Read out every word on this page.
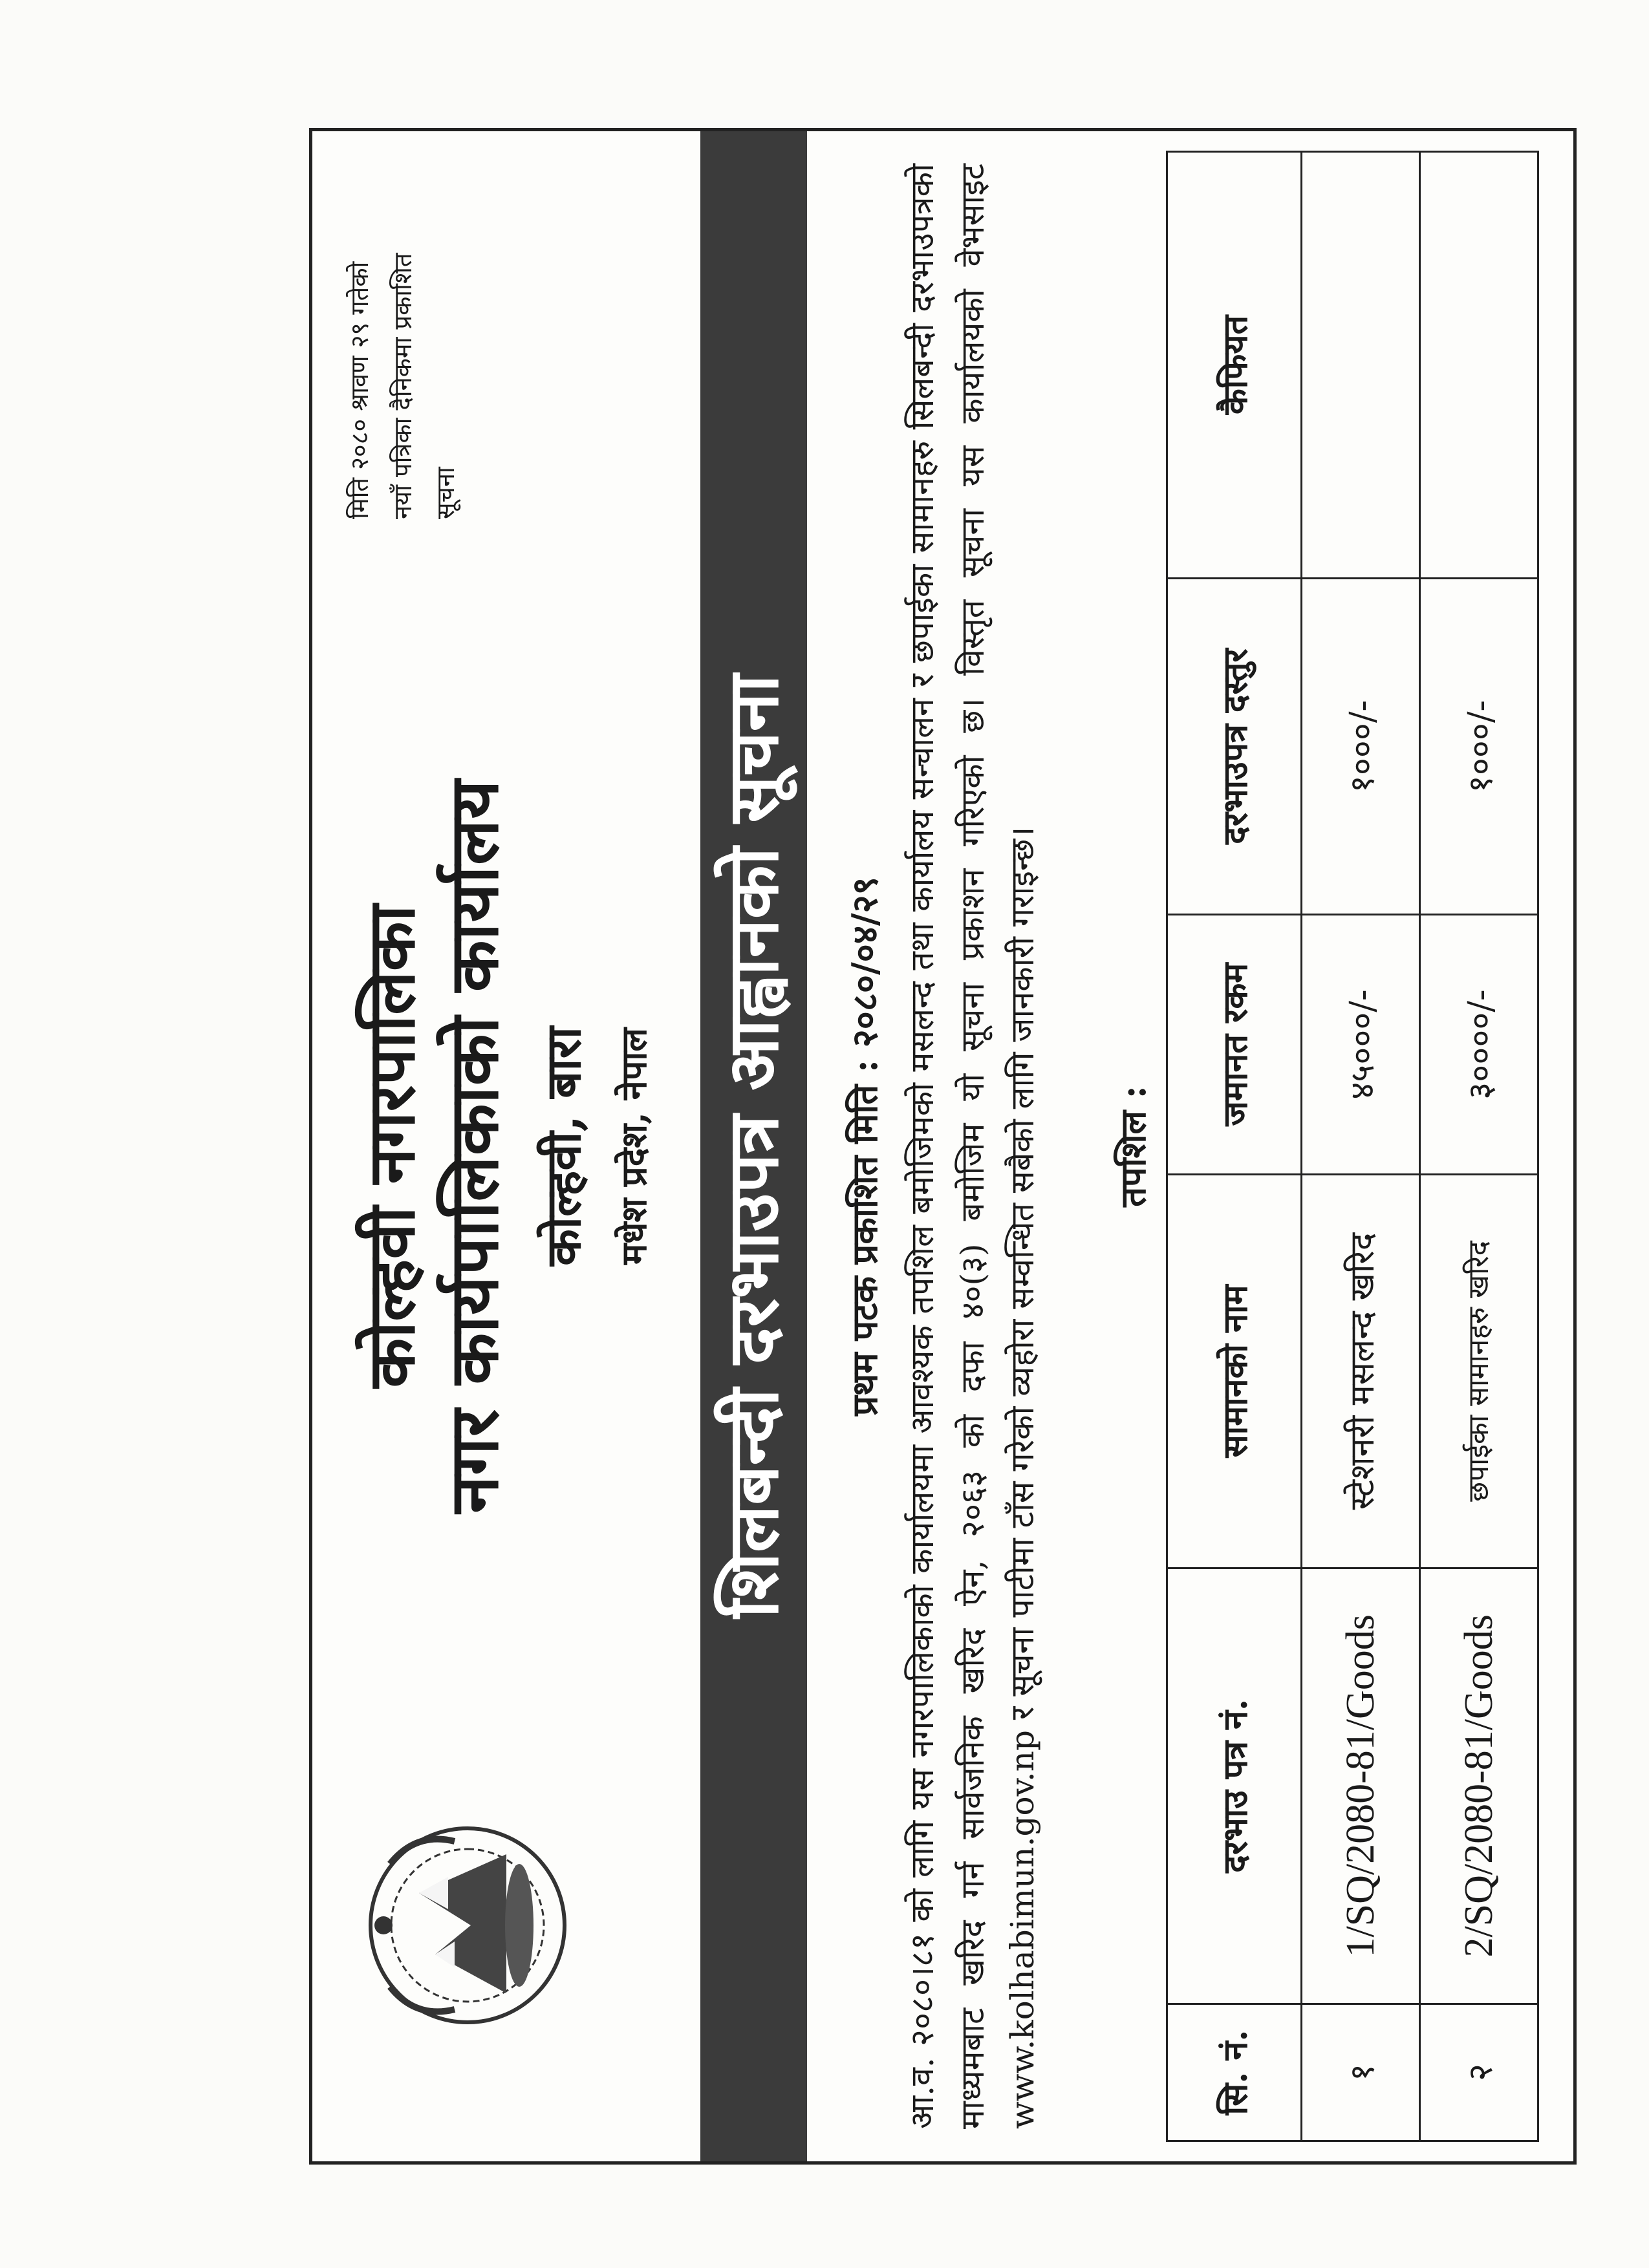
कोल्हवी नगरपालिका नगर कार्यपालिकाको कार्यालय कोल्हवी, बारा मधेश प्रदेश, नेपाल
मिति २०८० श्रावण २९ गतेको नयाँ पत्रिका दैनिकमा प्रकाशित सूचना
शिलबन्दी दरभाउपत्र आह्वानको सूचना	प्रथम पटक प्रकाशित मिति : २०८०/०४/२९ आ.व. २०८०।८१ को लागि यस नगरपालिकाको कार्यालयमा आवश्यक तपशिल बमोजिमको मसलन्द तथा कार्यालय सन्चालन र छपाईका सामानहरु सिलबन्दी दरभाउपत्रको माध्यमबाट खरिद गर्न सार्वजनिक खरिद ऐन, २०६३ को दफा ४०(३) बमोजिम यो सूचना प्रकाशन गरिएको छ। विस्तृत सूचना यस कार्यालयको वेभसाइट www.kolhabimun.gov.np र सूचना पाटीमा टाँस गरेको व्यहोरा सम्वन्धित सबैको लागि जानकारी गराइन्छ। तपशिल :
सि. नं.	दरभाउ पत्र नं.	सामानको नाम	जमानत रकम	दरभाउपत्र दस्तुर	कैफियत
१	1/SQ/2080-81/Goods	स्टेशनरी मसलन्द खरिद	४५०००/-	१०००/-	
२	2/SQ/2080-81/Goods	छपाईका सामानहरु खरिद	३००००/-	१०००/-	
